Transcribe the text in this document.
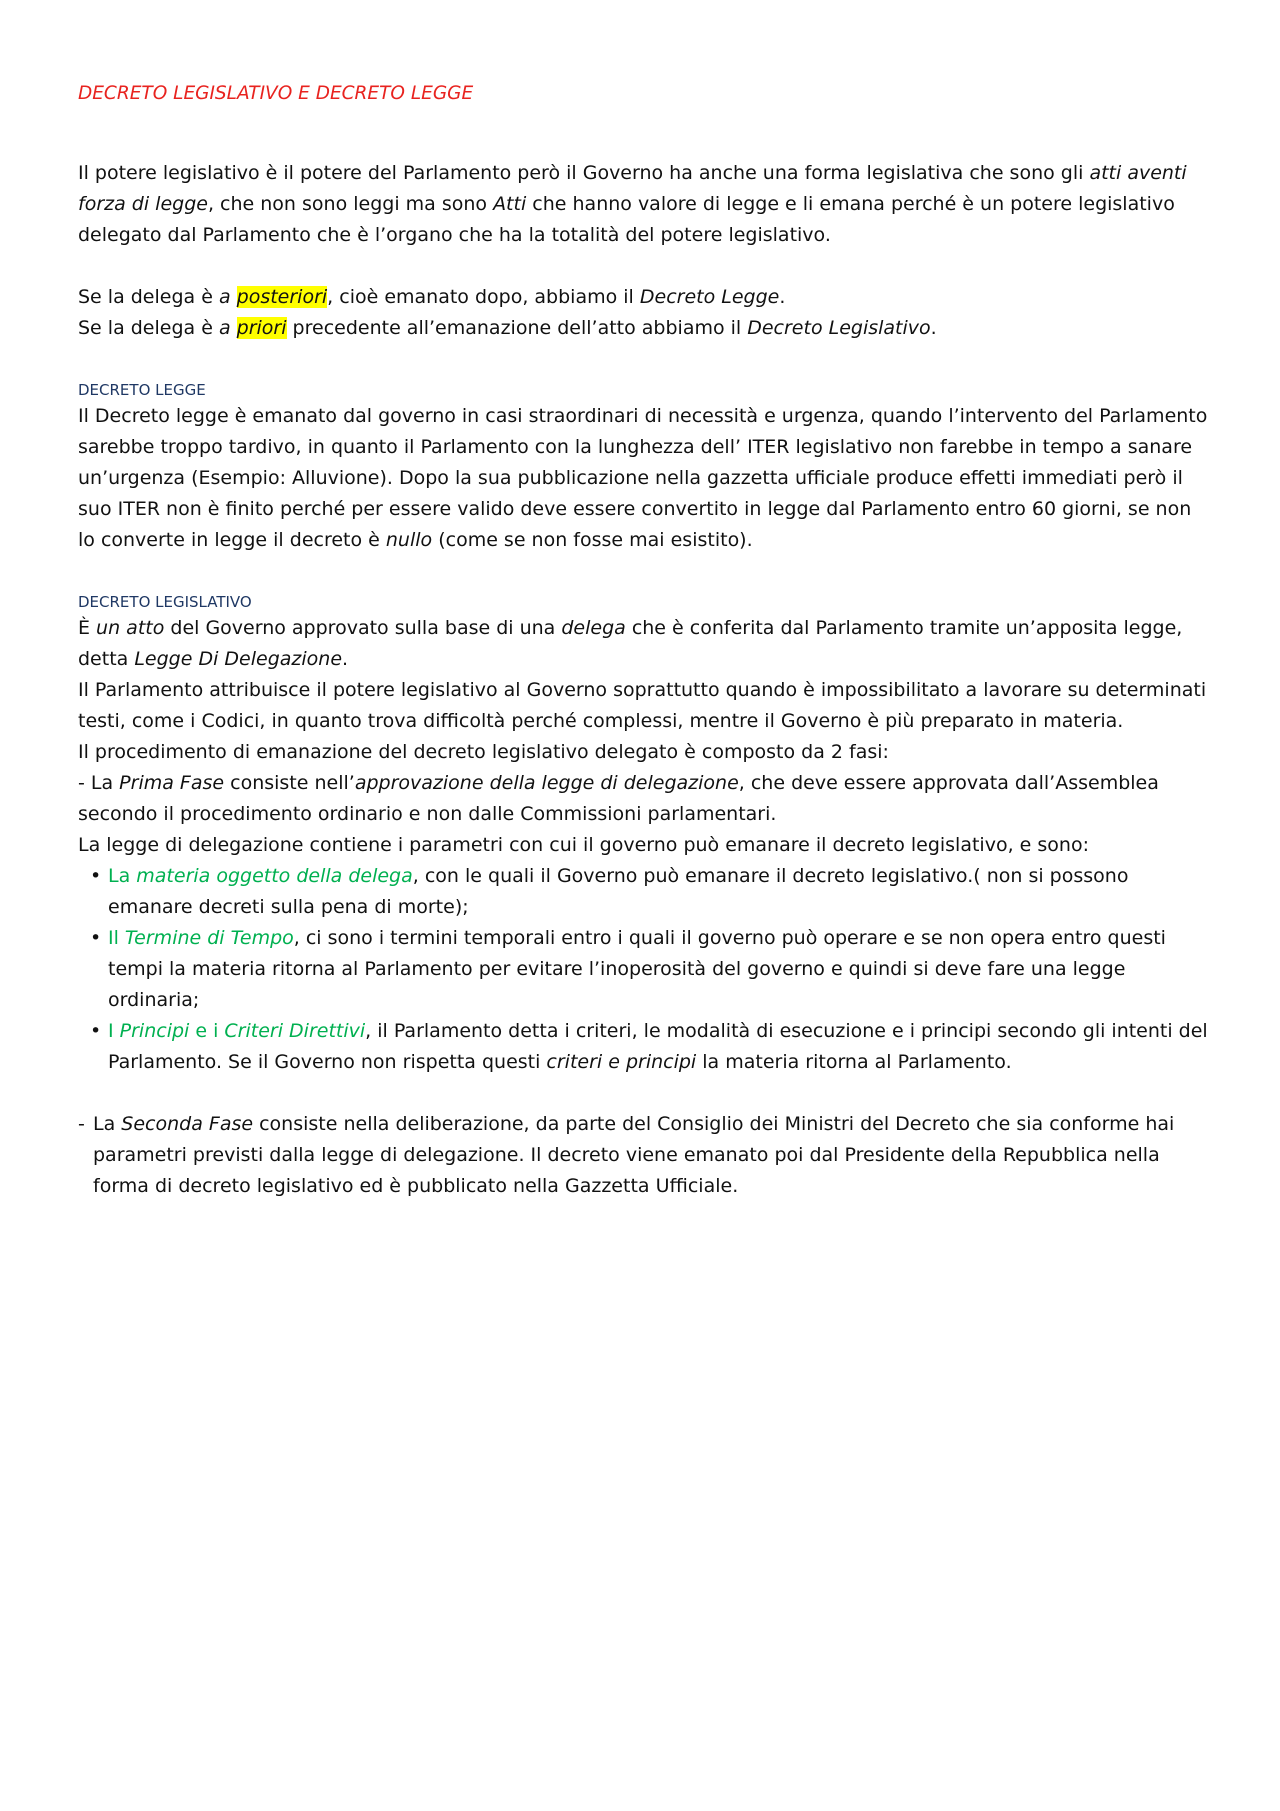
DECRETO LEGISLATIVO E DECRETO LEGGE

Il potere legislativo è il potere del Parlamento però il Governo ha anche una forma legislativa che sono gli atti aventi forza di legge, che non sono leggi ma sono Atti che hanno valore di legge e li emana perché è un potere legislativo delegato dal Parlamento che è l’organo che ha la totalità del potere legislativo.

Se la delega è a posteriori, cioè emanato dopo, abbiamo il Decreto Legge.

Se la delega è a priori precedente all’emanazione dell’atto abbiamo il Decreto Legislativo.

DECRETO LEGGE

Il Decreto legge è emanato dal governo in casi straordinari di necessità e urgenza, quando l’intervento del Parlamento sarebbe troppo tardivo, in quanto il Parlamento con la lunghezza dell’ ITER legislativo non farebbe in tempo a sanare un’urgenza (Esempio: Alluvione). Dopo la sua pubblicazione nella gazzetta ufficiale produce effetti immediati però il suo ITER non è finito perché per essere valido deve essere convertito in legge dal Parlamento entro 60 giorni, se non lo converte in legge il decreto è nullo (come se non fosse mai esistito).

DECRETO LEGISLATIVO

È un atto del Governo approvato sulla base di una delega che è conferita dal Parlamento tramite un’apposita legge, detta Legge Di Delegazione.

Il Parlamento attribuisce il potere legislativo al Governo soprattutto quando è impossibilitato a lavorare su determinati testi, come i Codici, in quanto trova difficoltà perché complessi, mentre il Governo è più preparato in materia.

Il procedimento di emanazione del decreto legislativo delegato è composto da 2 fasi:

- La Prima Fase consiste nell’approvazione della legge di delegazione, che deve essere approvata dall’Assemblea secondo il procedimento ordinario e non dalle Commissioni parlamentari.

La legge di delegazione contiene i parametri con cui il governo può emanare il decreto legislativo, e sono:

• La materia oggetto della delega, con le quali il Governo può emanare il decreto legislativo.( non si possono emanare decreti sulla pena di morte);
• Il Termine di Tempo, ci sono i termini temporali entro i quali il governo può operare e se non opera entro questi tempi la materia ritorna al Parlamento per evitare l’inoperosità del governo e quindi si deve fare una legge ordinaria;
• I Principi e i Criteri Direttivi, il Parlamento detta i criteri, le modalità di esecuzione e i principi secondo gli intenti del Parlamento. Se il Governo non rispetta questi criteri e principi la materia ritorna al Parlamento.
- La Seconda Fase consiste nella deliberazione, da parte del Consiglio dei Ministri del Decreto che sia conforme hai parametri previsti dalla legge di delegazione. Il decreto viene emanato poi dal Presidente della Repubblica nella forma di decreto legislativo ed è pubblicato nella Gazzetta Ufficiale.
